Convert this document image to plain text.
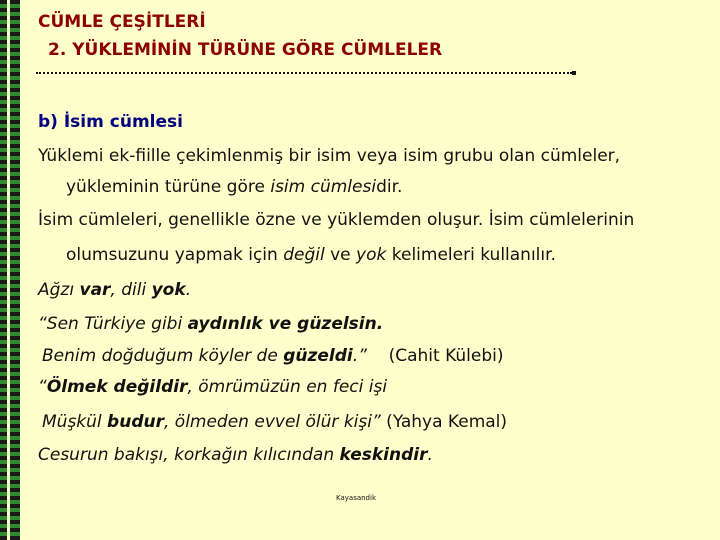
CÜMLE ÇEŞİTLERİ
2. YÜKLEMİNİN TÜRÜNE GÖRE CÜMLELER
b) İsim cümlesi
Yüklemi ek-fiille çekimlenmiş bir isim veya isim grubu olan cümleler,
yükleminin türüne göre isim cümlesidir.
İsim cümleleri, genellikle özne ve yüklemden oluşur. İsim cümlelerinin
olumsuzunu yapmak için değil ve yok kelimeleri kullanılır.
Ağzı var, dili yok.
“Sen Türkiye gibi aydınlık ve güzelsin.
Benim doğduğum köyler de güzeldi.” (Cahit Külebi)
“Ölmek değildir, ömrümüzün en feci işi
Müşkül budur, ölmeden evvel ölür kişi” (Yahya Kemal)
Cesurun bakışı, korkağın kılıcından keskindir.
Kayasandik
